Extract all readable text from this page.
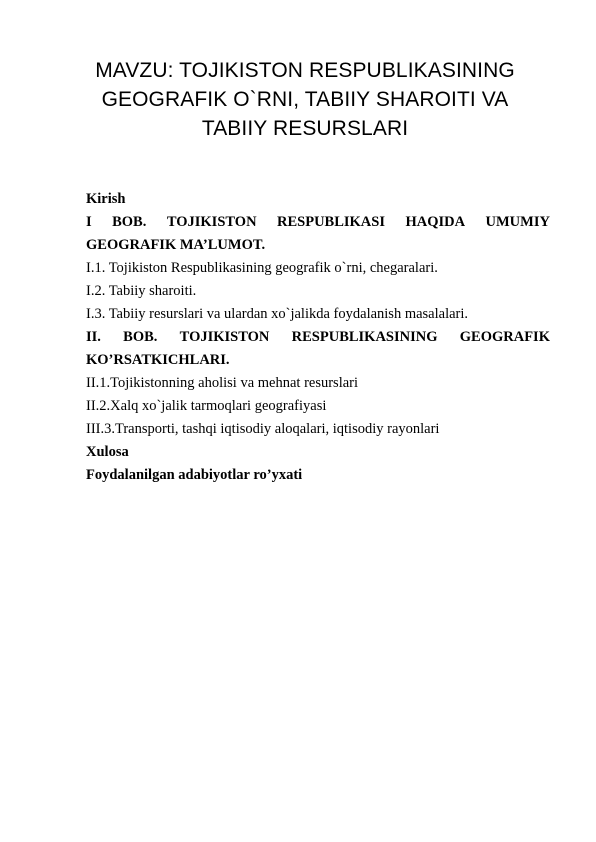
MAVZU: TOJIKISTON RESPUBLIKASINING
GEOGRAFIK O`RNI, TABIIY SHAROITI VA
TABIIY RESURSLARI
Kirish
I BOB. TOJIKISTON RESPUBLIKASI HAQIDA UMUMIY
GEOGRAFIK MA’LUMOT.
I.1. Tojikiston Respublikasining geografik o`rni, chegaralari.
I.2. Tabiiy sharoiti.
I.3. Tabiiy resurslari va ulardan xo`jalikda foydalanish masalalari.
II. BOB. TOJIKISTON RESPUBLIKASINING GEOGRAFIK
KO’RSATKICHLARI.
II.1.Tojikistonning aholisi va mehnat resurslari
II.2.Xalq xo`jalik tarmoqlari geografiyasi
III.3.Transporti, tashqi iqtisodiy aloqalari, iqtisodiy rayonlari
Xulosa
Foydalanilgan adabiyotlar ro’yxati
